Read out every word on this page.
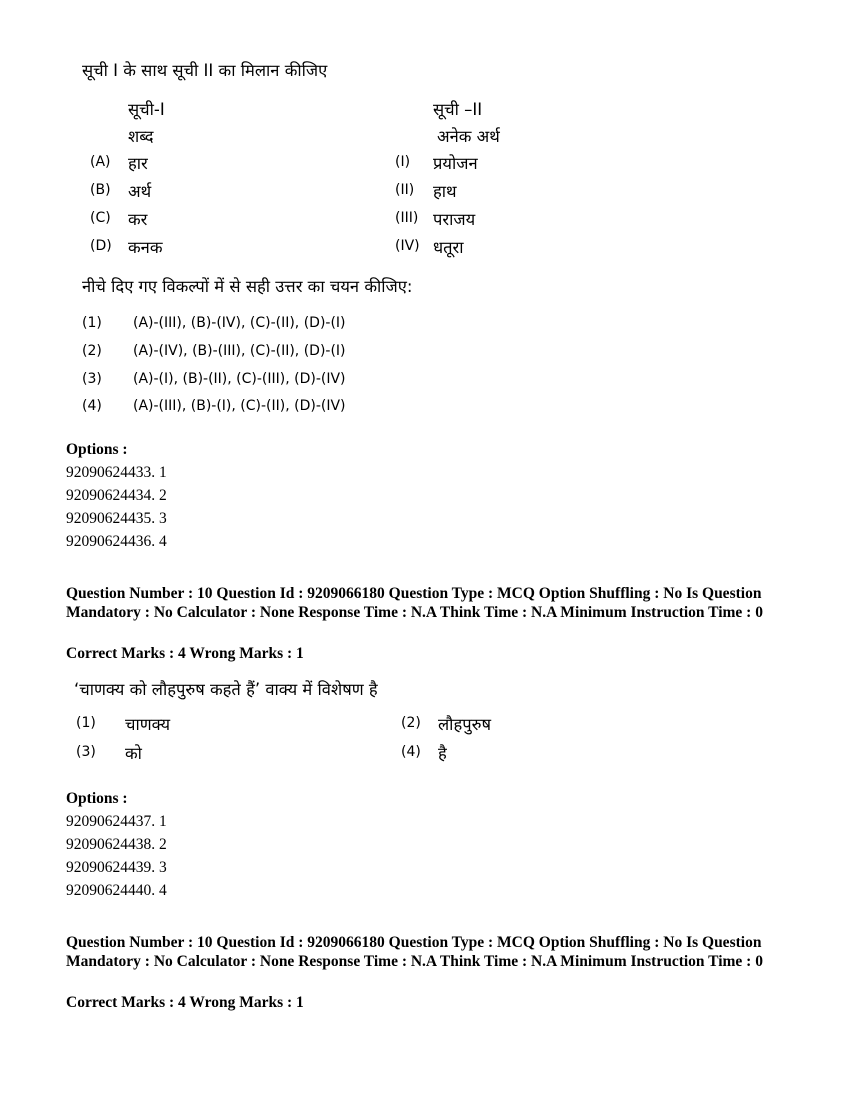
सूची I के साथ सूची II का मिलान कीजिए
सूची-I
शब्द
सूची –II
अनेक अर्थ
(A) हार	(I) प्रयोजन
(B) अर्थ	(II) हाथ
(C) कर	(III) पराजय
(D) कनक	(IV) धतूरा
नीचे दिए गए विकल्पों में से सही उत्तर का चयन कीजिए:
(1) (A)-(III), (B)-(IV), (C)-(II), (D)-(I)
(2) (A)-(IV), (B)-(III), (C)-(II), (D)-(I)
(3) (A)-(I), (B)-(II), (C)-(III), (D)-(IV)
(4) (A)-(III), (B)-(I), (C)-(II), (D)-(IV)
Options :
92090624433. 1
92090624434. 2
92090624435. 3
92090624436. 4
Question Number : 10 Question Id : 9209066180 Question Type : MCQ Option Shuffling : No Is Question Mandatory : No Calculator : None Response Time : N.A Think Time : N.A Minimum Instruction Time : 0
Correct Marks : 4 Wrong Marks : 1
‘चाणक्य को लौहपुरुष कहते हैं’ वाक्य में विशेषण है
(1) चाणक्य	(2) लौहपुरुष
(3) को	(4) है
Options :
92090624437. 1
92090624438. 2
92090624439. 3
92090624440. 4
Question Number : 10 Question Id : 9209066180 Question Type : MCQ Option Shuffling : No Is Question Mandatory : No Calculator : None Response Time : N.A Think Time : N.A Minimum Instruction Time : 0
Correct Marks : 4 Wrong Marks : 1
